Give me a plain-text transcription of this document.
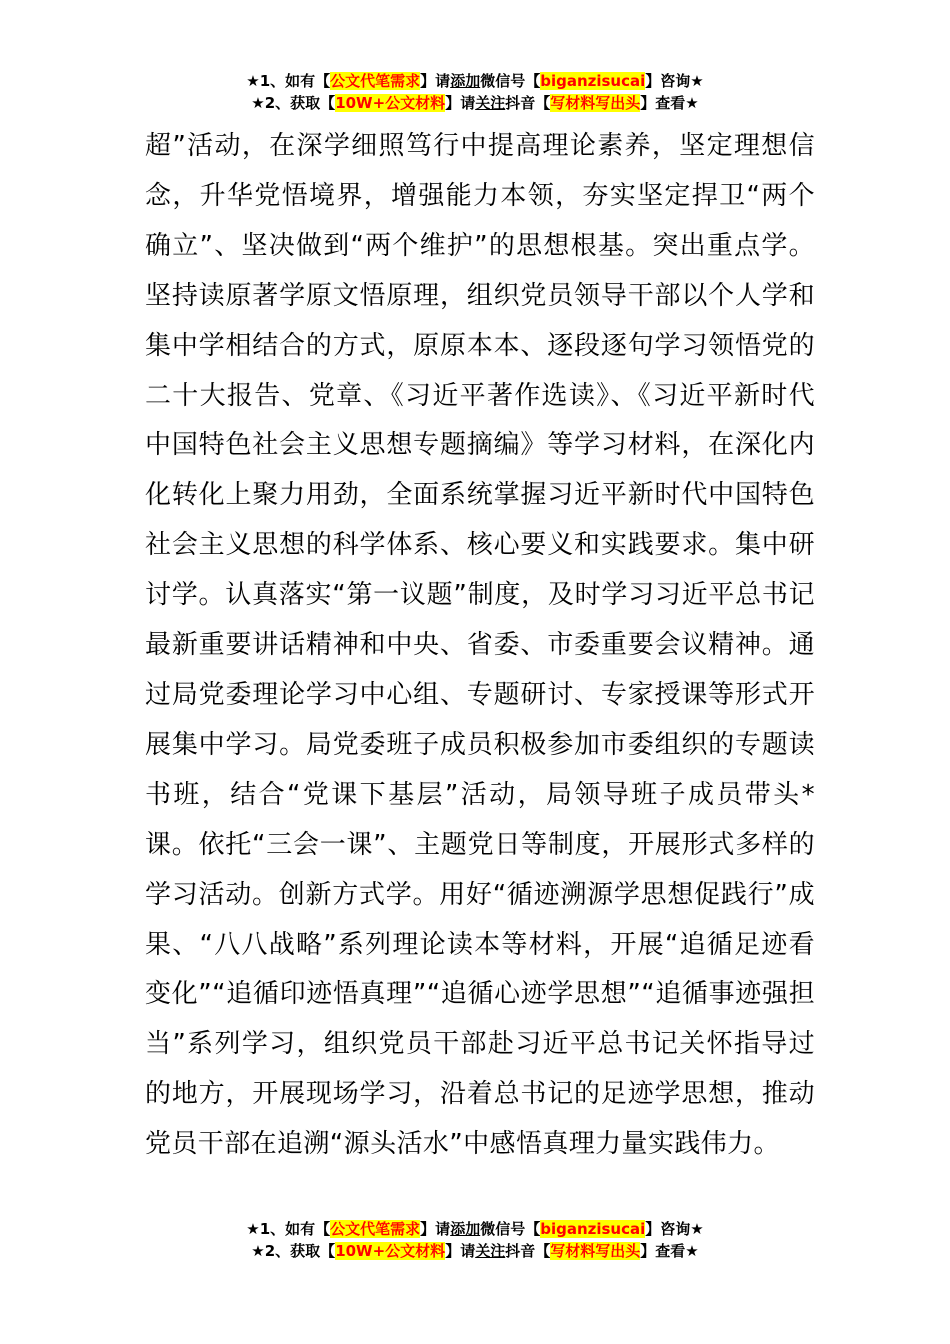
★1、如有【公文代笔需求】请添加微信号【biganzisucai】咨询★
★2、获取【10W+公文材料】请关注抖音【写材料写出头】查看★

超”活动，在深学细照笃行中提高理论素养，坚定理想信念，升华党悟境界，增强能力本领，夯实坚定捍卫“两个确立”、坚决做到“两个维护”的思想根基。突出重点学。坚持读原著学原文悟原理，组织党员领导干部以个人学和集中学相结合的方式，原原本本、逐段逐句学习领悟党的二十大报告、党章、《习近平著作选读》、《习近平新时代中国特色社会主义思想专题摘编》等学习材料，在深化内化转化上聚力用劲，全面系统掌握习近平新时代中国特色社会主义思想的科学体系、核心要义和实践要求。集中研讨学。认真落实“第一议题”制度，及时学习习近平总书记最新重要讲话精神和中央、省委、市委重要会议精神。通过局党委理论学习中心组、专题研讨、专家授课等形式开展集中学习。局党委班子成员积极参加市委组织的专题读书班，结合“党课下基层”活动，局领导班子成员带头*课。依托“三会一课”、主题党日等制度，开展形式多样的学习活动。创新方式学。用好“循迹溯源学思想促践行”成果、“八八战略”系列理论读本等材料，开展“追循足迹看变化”“追循印迹悟真理”“追循心迹学思想”“追循事迹强担当”系列学习，组织党员干部赴习近平总书记关怀指导过的地方，开展现场学习，沿着总书记的足迹学思想，推动党员干部在追溯“源头活水”中感悟真理力量实践伟力。

★1、如有【公文代笔需求】请添加微信号【biganzisucai】咨询★
★2、获取【10W+公文材料】请关注抖音【写材料写出头】查看★
